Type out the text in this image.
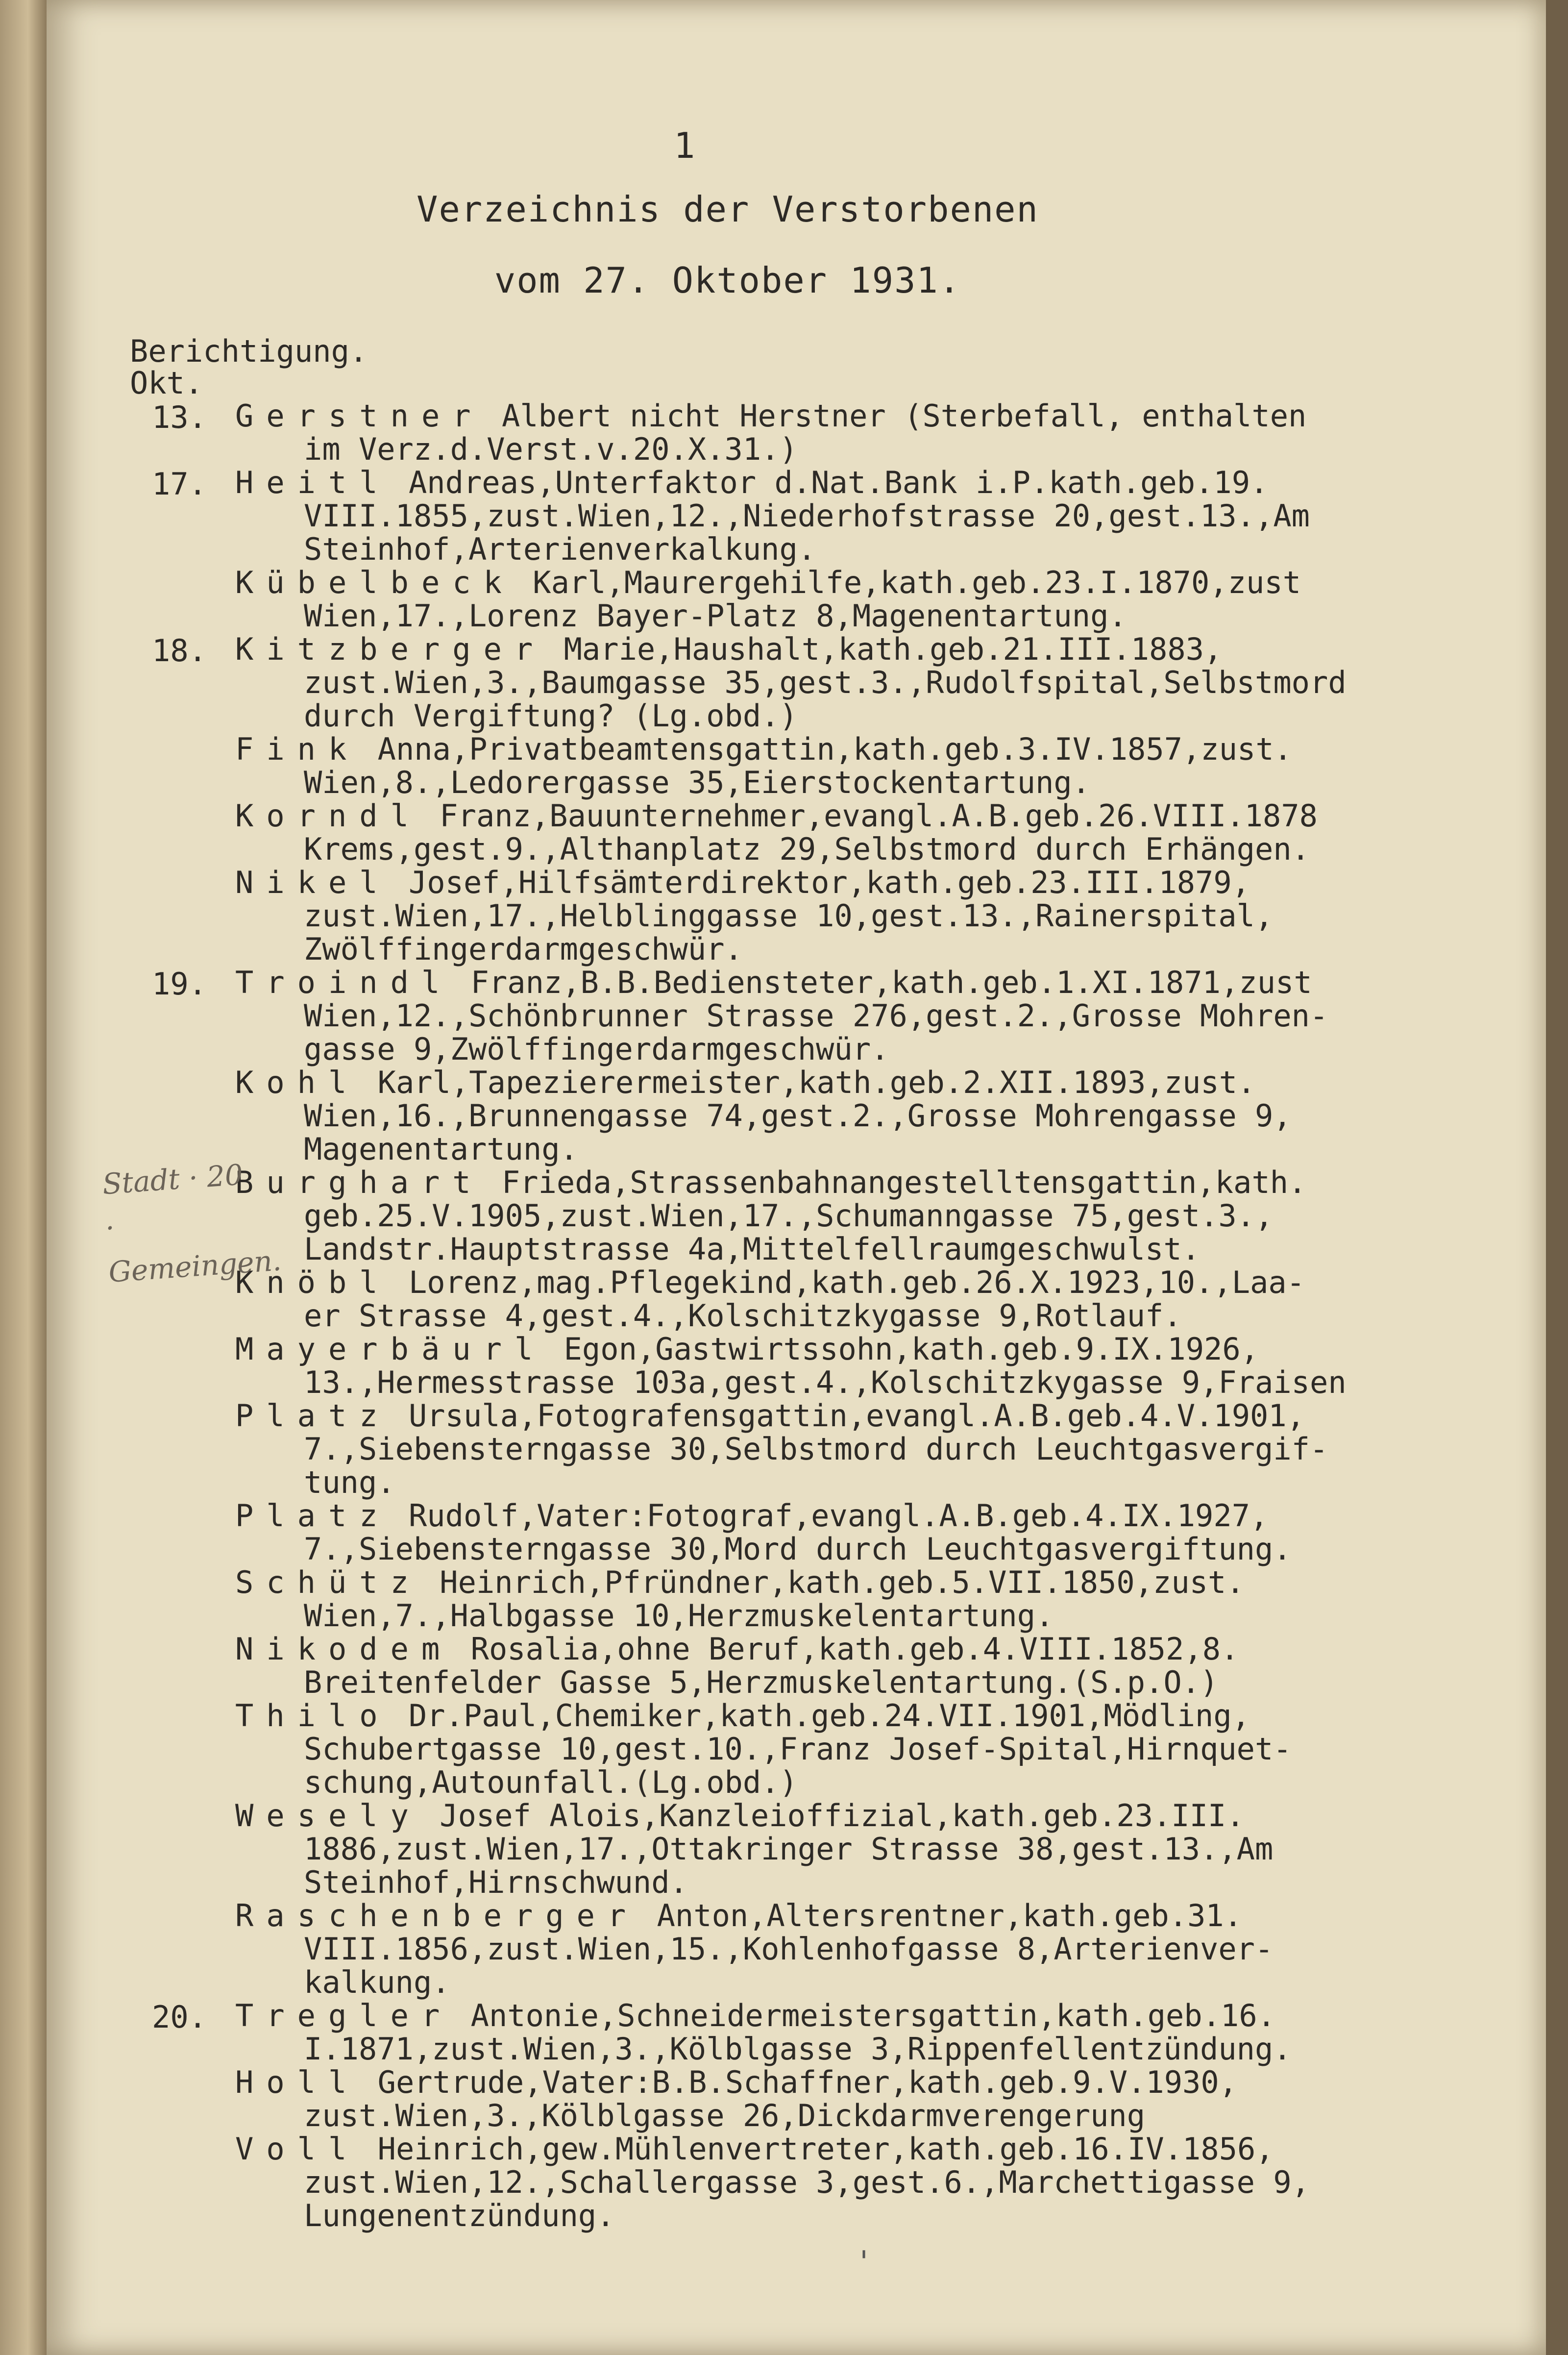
1
Verzeichnis der Verstorbenen
vom 27. Oktober 1931.
Berichtigung.
Okt.
13. Gerstner Albert nicht Herstner (Sterbefall, enthalten
im Verz.d.Verst.v.20.X.31.)
17. Heitl Andreas,Unterfaktor d.Nat.Bank i.P.kath.geb.19.
VIII.1855,zust.Wien,12.,Niederhofstrasse 20,gest.13.,Am
Steinhof,Arterienverkalkung.
Kübelbeck Karl,Maurergehilfe,kath.geb.23.I.1870,zust
Wien,17.,Lorenz Bayer-Platz 8,Magenentartung.
18. Kitzberger Marie,Haushalt,kath.geb.21.III.1883,
zust.Wien,3.,Baumgasse 35,gest.3.,Rudolfspital,Selbstmord
durch Vergiftung? (Lg.obd.)
Fink Anna,Privatbeamtensgattin,kath.geb.3.IV.1857,zust.
Wien,8.,Ledorergasse 35,Eierstockentartung.
Korndl Franz,Bauunternehmer,evangl.A.B.geb.26.VIII.1878
Krems,gest.9.,Althanplatz 29,Selbstmord durch Erhängen.
Nikel Josef,Hilfsämterdirektor,kath.geb.23.III.1879,
zust.Wien,17.,Helblinggasse 10,gest.13.,Rainerspital,
Zwölffingerdarmgeschwür.
19. Troindl Franz,B.B.Bediensteter,kath.geb.1.XI.1871,zust
Wien,12.,Schönbrunner Strasse 276,gest.2.,Grosse Mohren-
gasse 9,Zwölffingerdarmgeschwür.
Kohl Karl,Tapezierermeister,kath.geb.2.XII.1893,zust.
Wien,16.,Brunnengasse 74,gest.2.,Grosse Mohrengasse 9,
Magenentartung.
Burghart Frieda,Strassenbahnangestelltensgattin,kath.
geb.25.V.1905,zust.Wien,17.,Schumanngasse 75,gest.3.,
Landstr.Hauptstrasse 4a,Mittelfellraumgeschwulst.
Knöbl Lorenz,mag.Pflegekind,kath.geb.26.X.1923,10.,Laa-
er Strasse 4,gest.4.,Kolschitzkygasse 9,Rotlauf.
Mayerbäurl Egon,Gastwirtssohn,kath.geb.9.IX.1926,
13.,Hermesstrasse 103a,gest.4.,Kolschitzkygasse 9,Fraisen
Platz Ursula,Fotografensgattin,evangl.A.B.geb.4.V.1901,
7.,Siebensterngasse 30,Selbstmord durch Leuchtgasvergif-
tung.
Platz Rudolf,Vater:Fotograf,evangl.A.B.geb.4.IX.1927,
7.,Siebensterngasse 30,Mord durch Leuchtgasvergiftung.
Schütz Heinrich,Pfründner,kath.geb.5.VII.1850,zust.
Wien,7.,Halbgasse 10,Herzmuskelentartung.
Nikodem Rosalia,ohne Beruf,kath.geb.4.VIII.1852,8.
Breitenfelder Gasse 5,Herzmuskelentartung.(S.p.O.)
Thilo Dr.Paul,Chemiker,kath.geb.24.VII.1901,Mödling,
Schubertgasse 10,gest.10.,Franz Josef-Spital,Hirnquet-
schung,Autounfall.(Lg.obd.)
Wesely Josef Alois,Kanzleioffizial,kath.geb.23.III.
1886,zust.Wien,17.,Ottakringer Strasse 38,gest.13.,Am
Steinhof,Hirnschwund.
Raschenberger Anton,Altersrentner,kath.geb.31.
VIII.1856,zust.Wien,15.,Kohlenhofgasse 8,Arterienver-
kalkung.
20. Tregler Antonie,Schneidermeistersgattin,kath.geb.16.
I.1871,zust.Wien,3.,Kölblgasse 3,Rippenfellentzündung.
Holl Gertrude,Vater:B.B.Schaffner,kath.geb.9.V.1930,
zust.Wien,3.,Kölblgasse 26,Dickdarmverengerung
Voll Heinrich,gew.Mühlenvertreter,kath.geb.16.IV.1856,
zust.Wien,12.,Schallergasse 3,gest.6.,Marchettigasse 9,
Lungenentzündung.
Stadt · 20 · Gemeingen.
'
